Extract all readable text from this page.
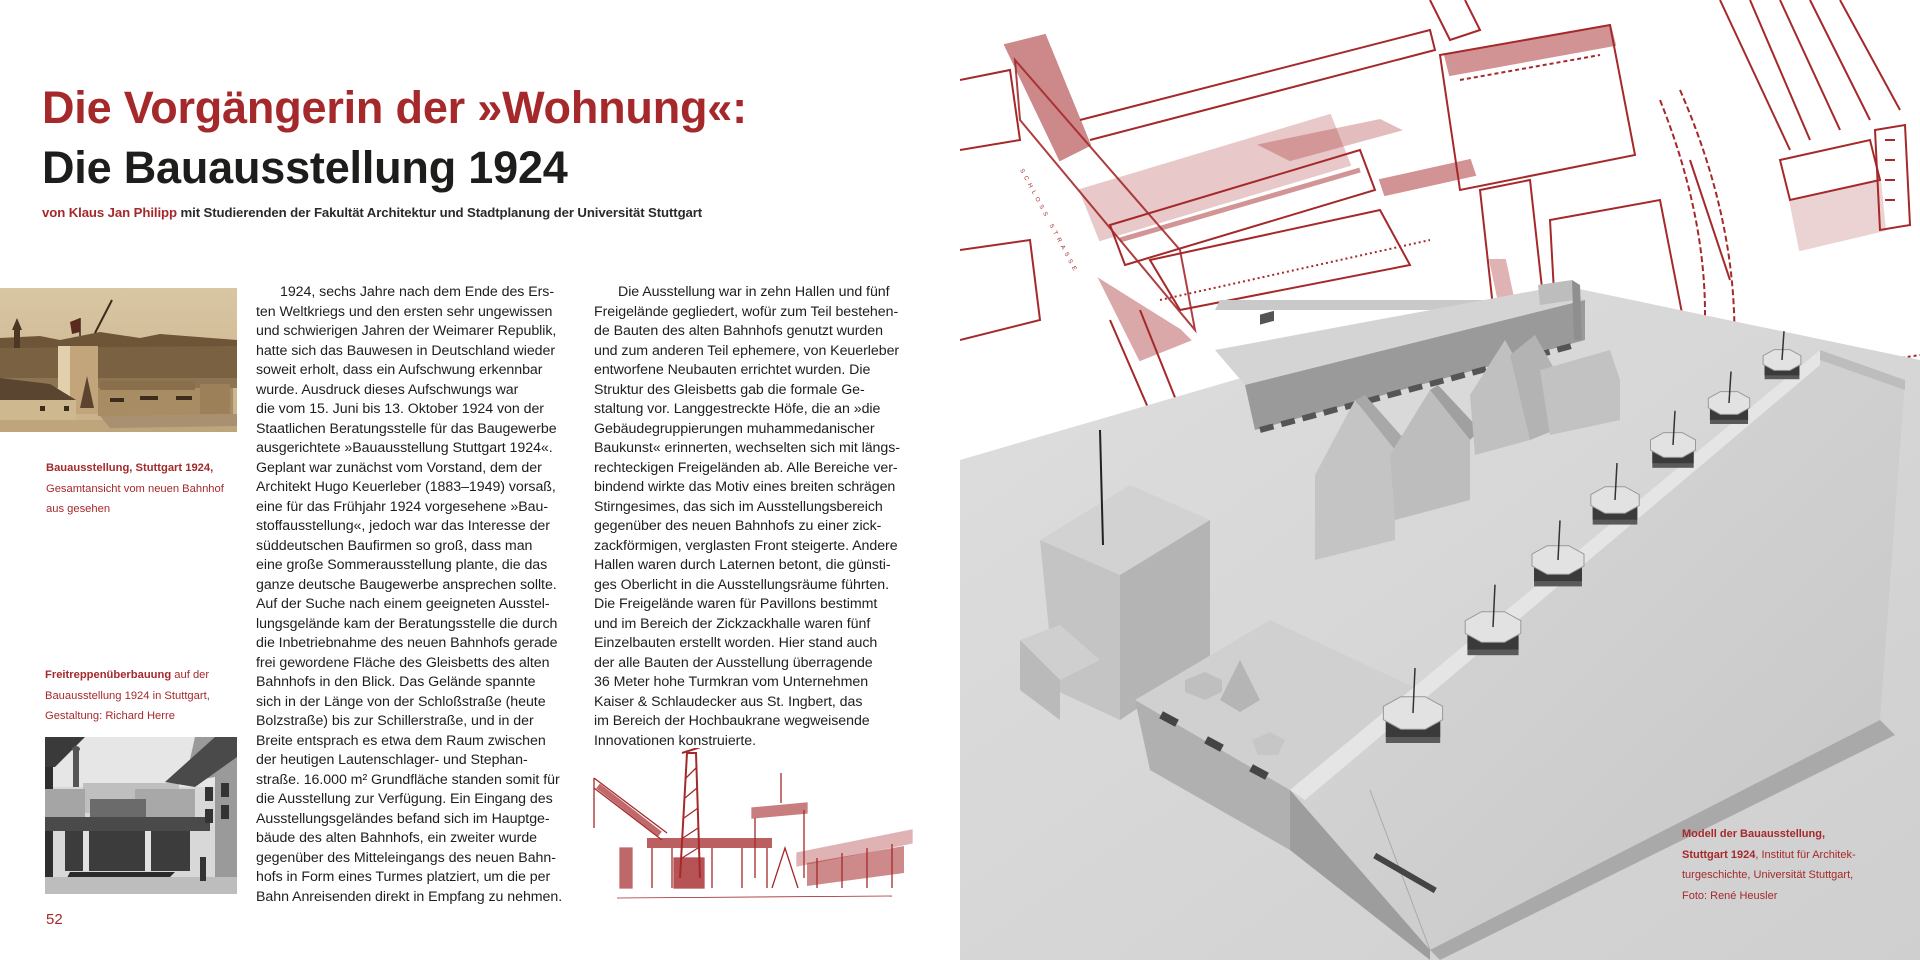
Die Vorgängerin der »Wohnung«:
Die Bauausstellung 1924
von Klaus Jan Philipp mit Studierenden der Fakultät Architektur und Stadtplanung der Universität Stuttgart
Bauausstellung, Stuttgart 1924,
Gesamtansicht vom neuen Bahnhof
aus gesehen
Freitreppenüberbauung auf der
Bauausstellung 1924 in Stuttgart,
Gestaltung: Richard Herre
1924, sechs Jahre nach dem Ende des Ers-
ten Weltkriegs und den ersten sehr ungewissen
und schwierigen Jahren der Weimarer Republik,
hatte sich das Bauwesen in Deutschland wieder
soweit erholt, dass ein Aufschwung erkennbar
wurde. Ausdruck dieses Aufschwungs war
die vom 15. Juni bis 13. Oktober 1924 von der
Staatlichen Beratungsstelle für das Baugewerbe
ausgerichtete »Bauausstellung Stuttgart 1924«.
Geplant war zunächst vom Vorstand, dem der
Architekt Hugo Keuerleber (1883–1949) vorsaß,
eine für das Frühjahr 1924 vorgesehene »Bau-
stoffausstellung«, jedoch war das Interesse der
süddeutschen Baufirmen so groß, dass man
eine große Sommerausstellung plante, die das
ganze deutsche Baugewerbe ansprechen sollte.
Auf der Suche nach einem geeigneten Ausstel-
lungsgelände kam der Beratungsstelle die durch
die Inbetriebnahme des neuen Bahnhofs gerade
frei gewordene Fläche des Gleisbetts des alten
Bahnhofs in den Blick. Das Gelände spannte
sich in der Länge von der Schloßstraße (heute
Bolzstraße) bis zur Schillerstraße, und in der
Breite entsprach es etwa dem Raum zwischen
der heutigen Lautenschlager- und Stephan-
straße. 16.000 m² Grundfläche standen somit für
die Ausstellung zur Verfügung. Ein Eingang des
Ausstellungsgeländes befand sich im Hauptge-
bäude des alten Bahnhofs, ein zweiter wurde
gegenüber des Mitteleingangs des neuen Bahn-
hofs in Form eines Turmes platziert, um die per
Bahn Anreisenden direkt in Empfang zu nehmen.
Die Ausstellung war in zehn Hallen und fünf
Freigelände gegliedert, wofür zum Teil bestehen-
de Bauten des alten Bahnhofs genutzt wurden
und zum anderen Teil ephemere, von Keuerleber
entworfene Neubauten errichtet wurden. Die
Struktur des Gleisbetts gab die formale Ge-
staltung vor. Langgestreckte Höfe, die an »die
Gebäudegruppierungen muhammedanischer
Baukunst« erinnerten, wechselten sich mit längs-
rechteckigen Freigeländen ab. Alle Bereiche ver-
bindend wirkte das Motiv eines breiten schrägen
Stirngesimes, das sich im Ausstellungsbereich
gegenüber des neuen Bahnhofs zu einer zick-
zackförmigen, verglasten Front steigerte. Andere
Hallen waren durch Laternen betont, die günsti-
ges Oberlicht in die Ausstellungsräume führten.
Die Freigelände waren für Pavillons bestimmt
und im Bereich der Zickzackhalle waren fünf
Einzelbauten erstellt worden. Hier stand auch
der alle Bauten der Ausstellung überragende
36 Meter hohe Turmkran vom Unternehmen
Kaiser & Schlaudecker aus St. Ingbert, das
im Bereich der Hochbaukrane wegweisende
Innovationen konstruierte.
52
SCHLOSS STRASSE
Modell der Bauausstellung,
Stuttgart 1924, Institut für Architek-
turgeschichte, Universität Stuttgart,
Foto: René Heusler
